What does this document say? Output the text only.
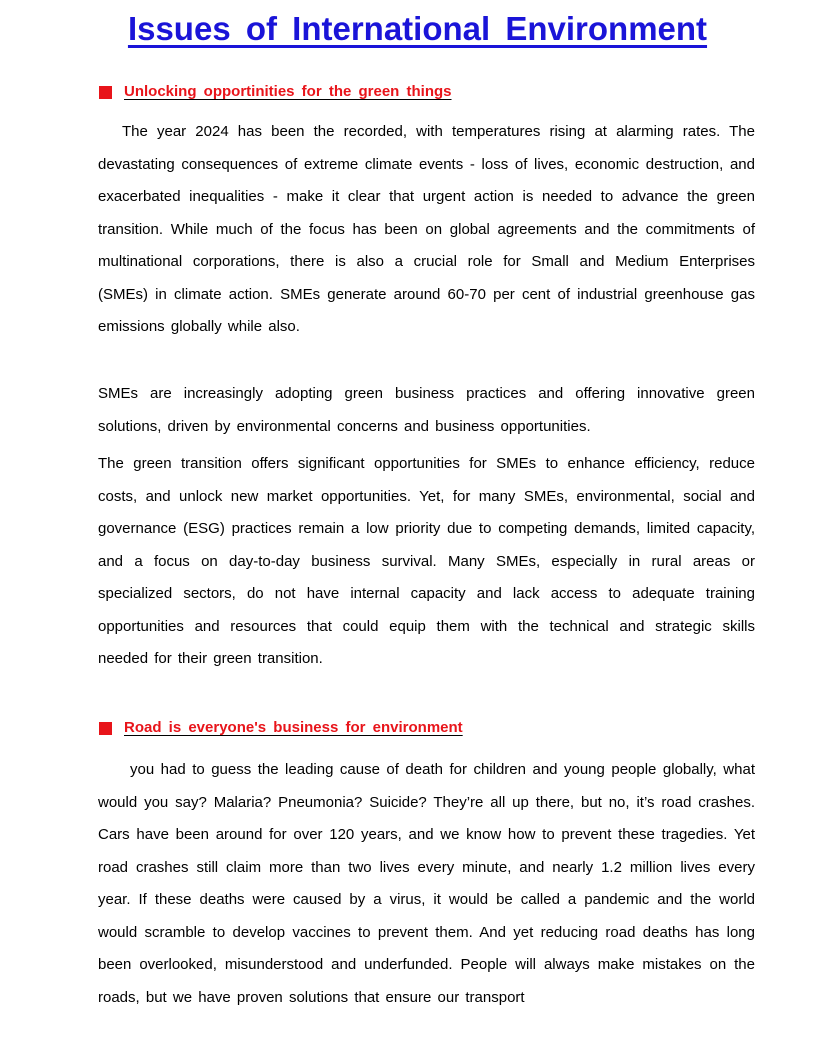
Issues of International Environment
Unlocking opportinities for the green things

The year 2024 has been the recorded, with temperatures rising at alarming rates. The devastating consequences of extreme climate events - loss of lives, economic destruction, and exacerbated inequalities - make it clear that urgent action is needed to advance the green transition. While much of the focus has been on global agreements and the commitments of multinational corporations, there is also a crucial role for Small and Medium Enterprises (SMEs) in climate action. SMEs generate around 60-70 per cent of industrial greenhouse gas emissions globally while also.

SMEs are increasingly adopting green business practices and offering innovative green solutions, driven by environmental concerns and business opportunities.

The green transition offers significant opportunities for SMEs to enhance efficiency, reduce costs, and unlock new market opportunities. Yet, for many SMEs, environmental, social and governance (ESG) practices remain a low priority due to competing demands, limited capacity, and a focus on day-to-day business survival. Many SMEs, especially in rural areas or specialized sectors, do not have internal capacity and lack access to adequate training opportunities and resources that could equip them with the technical and strategic skills needed for their green transition.

Road is everyone's business for environment

you had to guess the leading cause of death for children and young people globally, what would you say? Malaria? Pneumonia? Suicide? They’re all up there, but no, it’s road crashes. Cars have been around for over 120 years, and we know how to prevent these tragedies. Yet road crashes still claim more than two lives every minute, and nearly 1.2 million lives every year. If these deaths were caused by a virus, it would be called a pandemic and the world would scramble to develop vaccines to prevent them. And yet reducing road deaths has long been overlooked, misunderstood and underfunded. People will always make mistakes on the roads, but we have proven solutions that ensure our transport
